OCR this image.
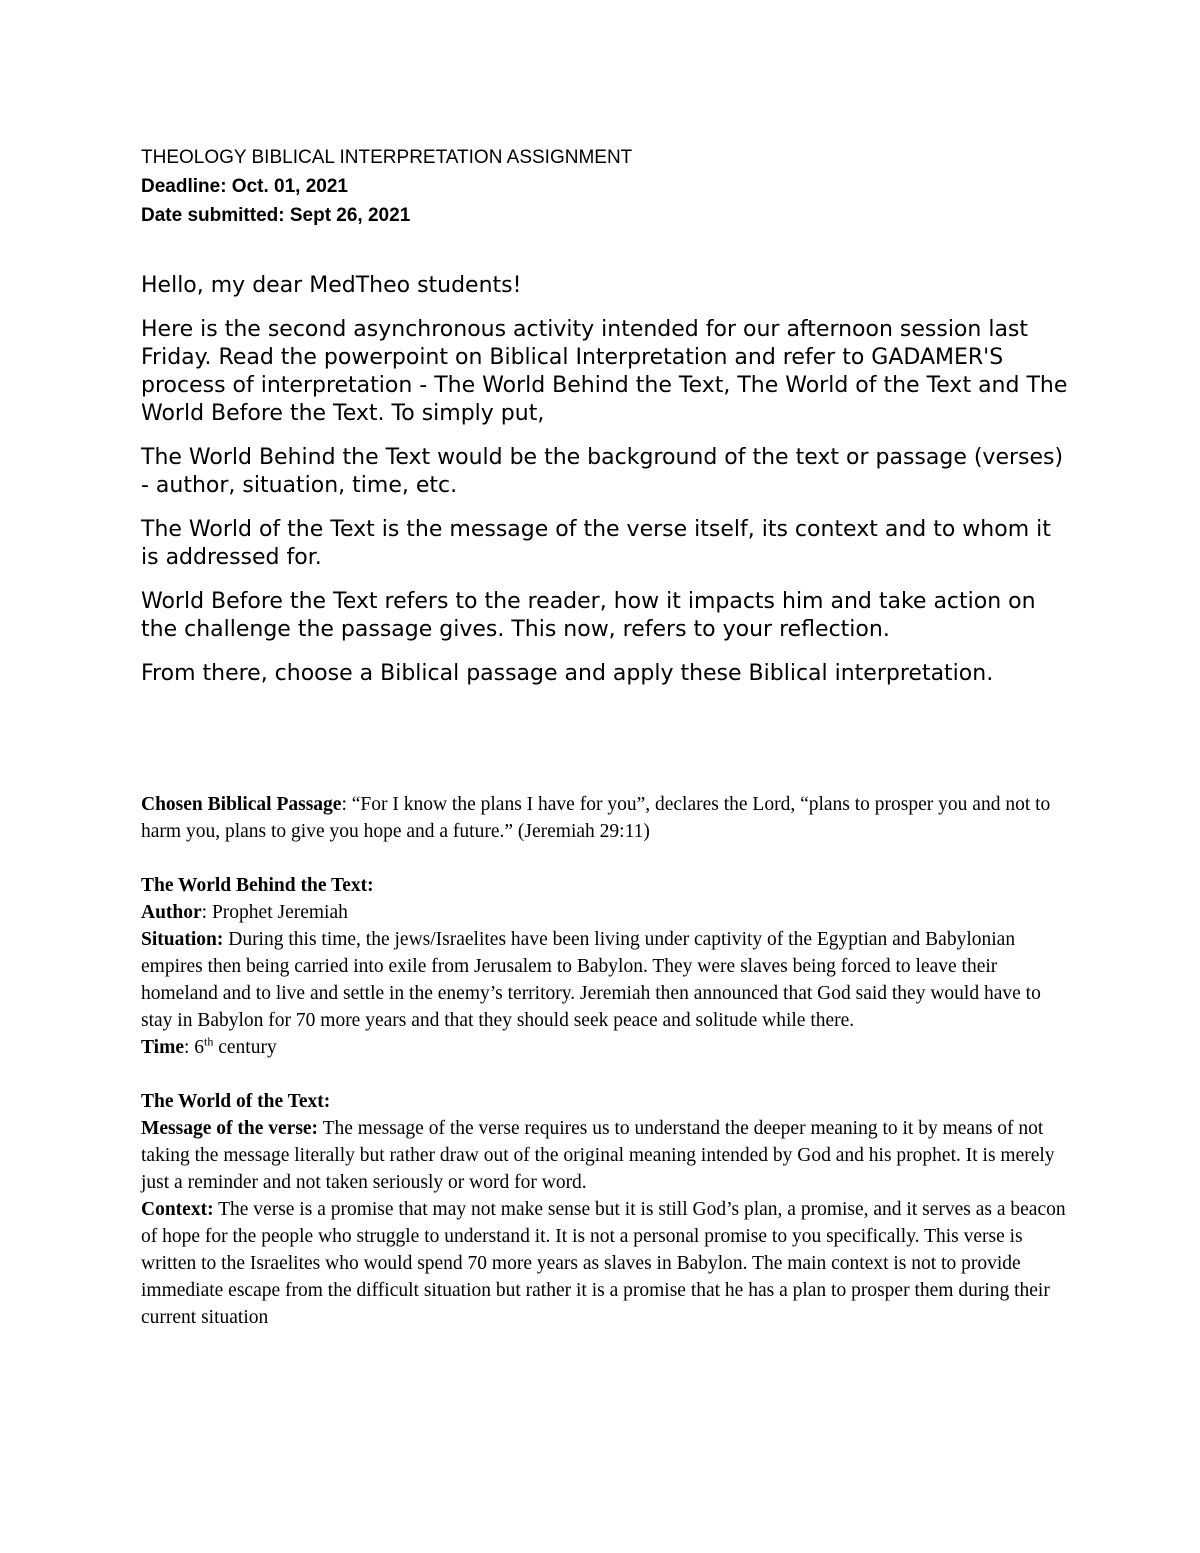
THEOLOGY BIBLICAL INTERPRETATION ASSIGNMENT
Deadline: Oct. 01, 2021
Date submitted: Sept 26, 2021

Hello, my dear MedTheo students!

Here is the second asynchronous activity intended for our afternoon session last Friday. Read the powerpoint on Biblical Interpretation and refer to GADAMER'S process of interpretation - The World Behind the Text, The World of the Text and The World Before the Text. To simply put,

The World Behind the Text would be the background of the text or passage (verses) - author, situation, time, etc.

The World of the Text is the message of the verse itself, its context and to whom it is addressed for.

World Before the Text refers to the reader, how it impacts him and take action on the challenge the passage gives. This now, refers to your reflection.

From there, choose a Biblical passage and apply these Biblical interpretation.

Chosen Biblical Passage: “For I know the plans I have for you”, declares the Lord, “plans to prosper you and not to harm you, plans to give you hope and a future.” (Jeremiah 29:11)

The World Behind the Text:

Author: Prophet Jeremiah

Situation: During this time, the jews/Israelites have been living under captivity of the Egyptian and Babylonian empires then being carried into exile from Jerusalem to Babylon. They were slaves being forced to leave their homeland and to live and settle in the enemy’s territory. Jeremiah then announced that God said they would have to stay in Babylon for 70 more years and that they should seek peace and solitude while there.

Time: 6th century

The World of the Text:

Message of the verse: The message of the verse requires us to understand the deeper meaning to it by means of not taking the message literally but rather draw out of the original meaning intended by God and his prophet. It is merely just a reminder and not taken seriously or word for word.

Context: The verse is a promise that may not make sense but it is still God’s plan, a promise, and it serves as a beacon of hope for the people who struggle to understand it. It is not a personal promise to you specifically. This verse is written to the Israelites who would spend 70 more years as slaves in Babylon. The main context is not to provide immediate escape from the difficult situation but rather it is a promise that he has a plan to prosper them during their current situation
